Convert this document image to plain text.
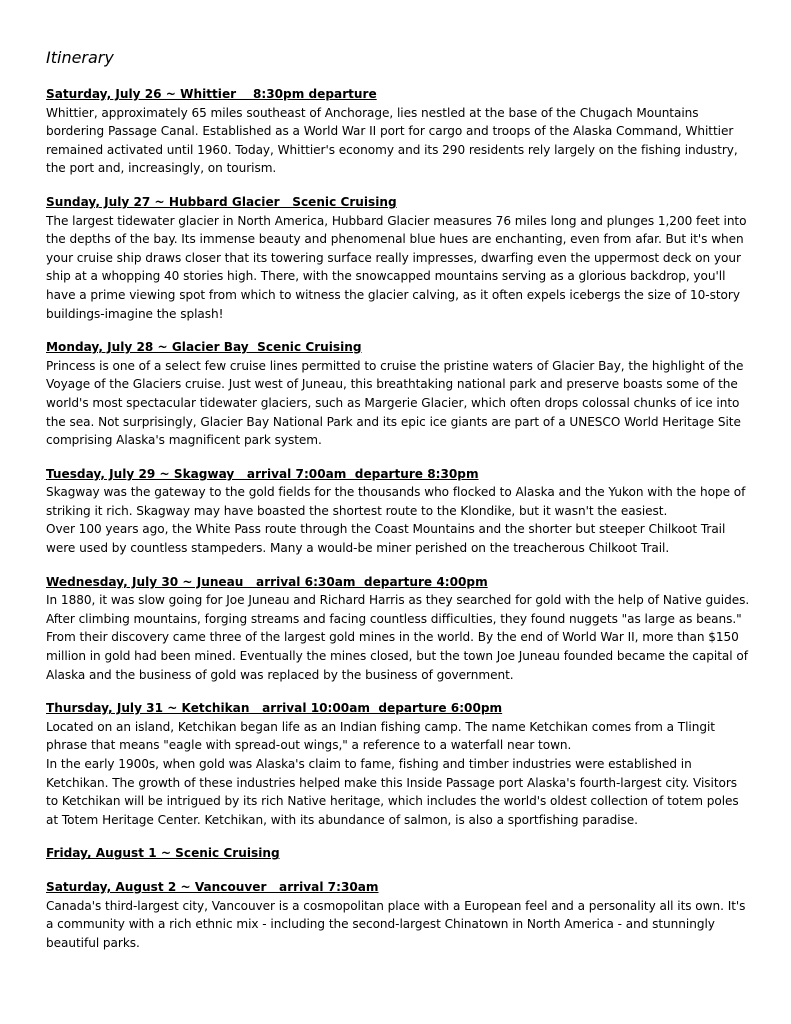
Itinerary
Saturday, July 26 ~ Whittier    8:30pm departure

Whittier, approximately 65 miles southeast of Anchorage, lies nestled at the base of the Chugach Mountains bordering Passage Canal. Established as a World War II port for cargo and troops of the Alaska Command, Whittier remained activated until 1960. Today, Whittier's economy and its 290 residents rely largely on the fishing industry, the port and, increasingly, on tourism.

Sunday, July 27 ~ Hubbard Glacier   Scenic Cruising

The largest tidewater glacier in North America, Hubbard Glacier measures 76 miles long and plunges 1,200 feet into the depths of the bay. Its immense beauty and phenomenal blue hues are enchanting, even from afar. But it's when your cruise ship draws closer that its towering surface really impresses, dwarfing even the uppermost deck on your ship at a whopping 40 stories high. There, with the snowcapped mountains serving as a glorious backdrop, you'll have a prime viewing spot from which to witness the glacier calving, as it often expels icebergs the size of 10-story buildings-imagine the splash!

Monday, July 28 ~ Glacier Bay  Scenic Cruising

Princess is one of a select few cruise lines permitted to cruise the pristine waters of Glacier Bay, the highlight of the Voyage of the Glaciers cruise. Just west of Juneau, this breathtaking national park and preserve boasts some of the world's most spectacular tidewater glaciers, such as Margerie Glacier, which often drops colossal chunks of ice into the sea. Not surprisingly, Glacier Bay National Park and its epic ice giants are part of a UNESCO World Heritage Site comprising Alaska's magnificent park system.

Tuesday, July 29 ~ Skagway   arrival 7:00am  departure 8:30pm

Skagway was the gateway to the gold fields for the thousands who flocked to Alaska and the Yukon with the hope of striking it rich. Skagway may have boasted the shortest route to the Klondike, but it wasn't the easiest.

Over 100 years ago, the White Pass route through the Coast Mountains and the shorter but steeper Chilkoot Trail were used by countless stampeders. Many a would-be miner perished on the treacherous Chilkoot Trail.

Wednesday, July 30 ~ Juneau   arrival 6:30am  departure 4:00pm

In 1880, it was slow going for Joe Juneau and Richard Harris as they searched for gold with the help of Native guides. After climbing mountains, forging streams and facing countless difficulties, they found nuggets "as large as beans." From their discovery came three of the largest gold mines in the world. By the end of World War II, more than $150 million in gold had been mined. Eventually the mines closed, but the town Joe Juneau founded became the capital of Alaska and the business of gold was replaced by the business of government.

Thursday, July 31 ~ Ketchikan   arrival 10:00am  departure 6:00pm

Located on an island, Ketchikan began life as an Indian fishing camp. The name Ketchikan comes from a Tlingit phrase that means "eagle with spread-out wings," a reference to a waterfall near town.

In the early 1900s, when gold was Alaska's claim to fame, fishing and timber industries were established in Ketchikan. The growth of these industries helped make this Inside Passage port Alaska's fourth-largest city. Visitors to Ketchikan will be intrigued by its rich Native heritage, which includes the world's oldest collection of totem poles at Totem Heritage Center. Ketchikan, with its abundance of salmon, is also a sportfishing paradise.

Friday, August 1 ~ Scenic Cruising
Saturday, August 2 ~ Vancouver   arrival 7:30am

Canada's third-largest city, Vancouver is a cosmopolitan place with a European feel and a personality all its own. It's a community with a rich ethnic mix - including the second-largest Chinatown in North America - and stunningly beautiful parks.
